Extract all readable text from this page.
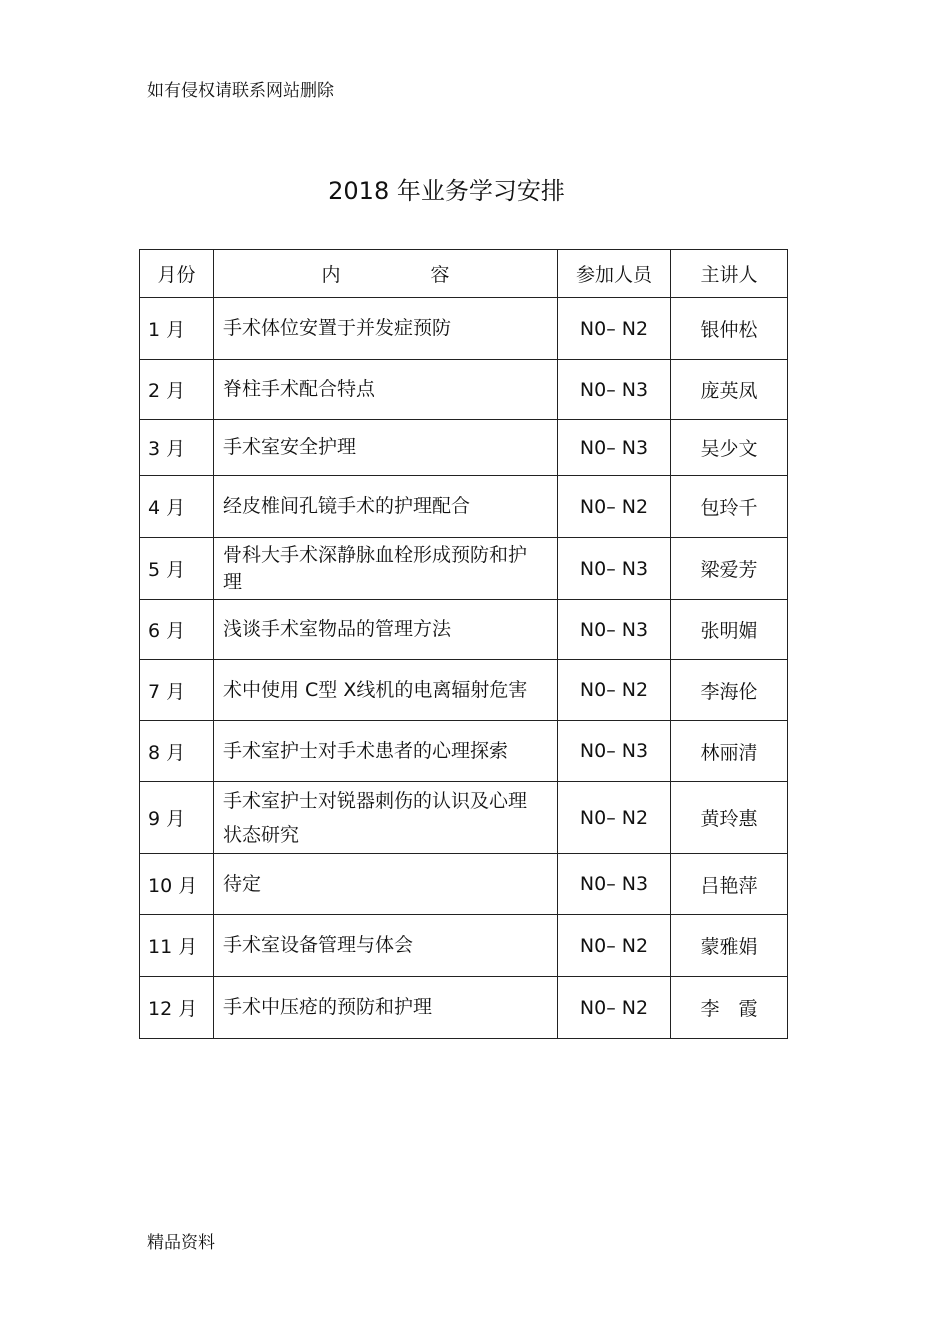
如有侵权请联系网站删除
2018 年业务学习安排
月份	内 容	参加人员	主讲人
1 月	手术体位安置于并发症预防	N0– N2	银仲松
2 月	脊柱手术配合特点	N0– N3	庞英凤
3 月	手术室安全护理	N0– N3	吴少文
4 月	经皮椎间孔镜手术的护理配合	N0– N2	包玲千
5 月	骨科大手术深静脉血栓形成预防和护理	N0– N3	梁爱芳
6 月	浅谈手术室物品的管理方法	N0– N3	张明媚
7 月	术中使用 C型 X线机的电离辐射危害	N0– N2	李海伦
8 月	手术室护士对手术患者的心理探索	N0– N3	林丽清
9 月	手术室护士对锐器刺伤的认识及心理状态研究	N0– N2	黄玲惠
10 月	待定	N0– N3	吕艳萍
11 月	手术室设备管理与体会	N0– N2	蒙雅娟
12 月	手术中压疮的预防和护理	N0– N2	李　霞
精品资料
